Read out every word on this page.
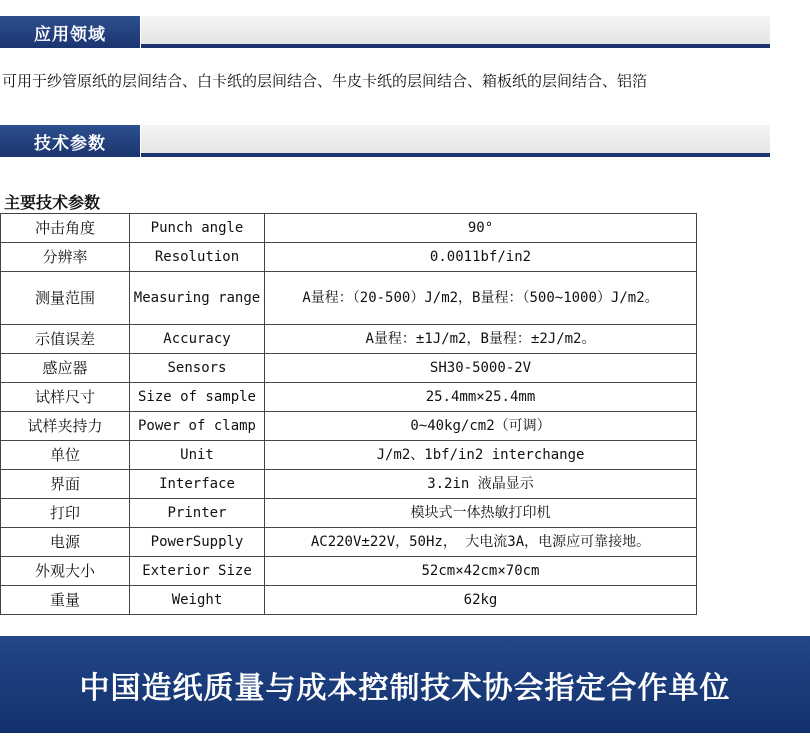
应用领域
可用于纱管原纸的层间结合、白卡纸的层间结合、牛皮卡纸的层间结合、箱板纸的层间结合、铝箔
技术参数
主要技术参数
冲击角度	Punch angle	90°
分辨率	Resolution	0.0011bf/in2
测量范围	Measuring range	A量程：（20-500）J/m2，B量程：（500~1000）J/m2。
示值误差	Accuracy	A量程：±1J/m2，B量程：±2J/m2。
感应器	Sensors	SH30-5000-2V
试样尺寸	Size of sample	25.4mm×25.4mm
试样夹持力	Power of clamp	0~40kg/cm2（可调）
单位	Unit	J/m2、1bf/in2 interchange
界面	Interface	3.2in 液晶显示
打印	Printer	模块式一体热敏打印机
电源	PowerSupply	AC220V±22V，50Hz， 大电流3A，电源应可靠接地。
外观大小	Exterior Size	52cm×42cm×70cm
重量	Weight	62kg
中国造纸质量与成本控制技术协会指定合作单位
